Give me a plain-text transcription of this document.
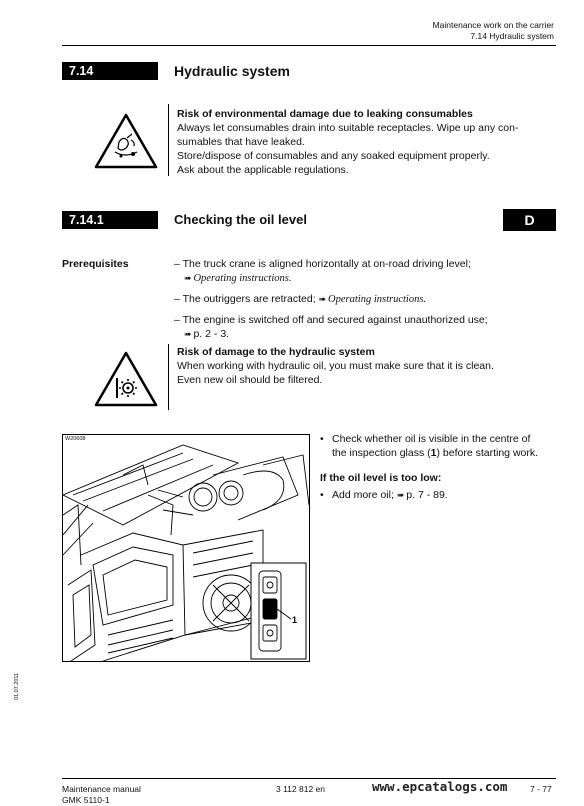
Maintenance work on the carrier
7.14 Hydraulic system
7.14	Hydraulic system
Risk of environmental damage due to leaking consumables
Always let consumables drain into suitable receptacles. Wipe up any con-
sumables that have leaked.
Store/dispose of consumables and any soaked equipment properly.
Ask about the applicable regulations.
7.14.1	Checking the oil level	D
Prerequisites	– The truck crane is aligned horizontally at on-road driving level;
➠ Operating instructions.
– The outriggers are retracted; ➠ Operating instructions.
– The engine is switched off and secured against unauthorized use;
➠ p. 2 - 3.
Risk of damage to the hydraulic system
When working with hydraulic oil, you must make sure that it is clean.
Even new oil should be filtered.
W20608
1
• Check whether oil is visible in the centre of
the inspection glass (1) before starting work.
If the oil level is too low:
• Add more oil; ➠ p. 7 - 89.
01.07.2011
Maintenance manual
GMK 5110-1
3 112 812 en	www.epcatalogs.com	7 - 77
